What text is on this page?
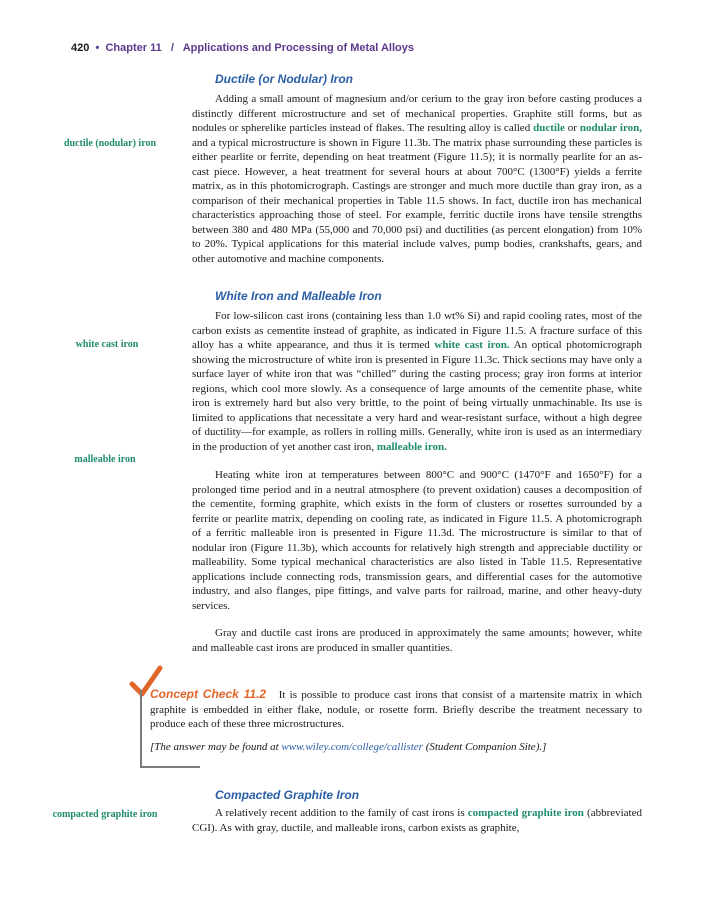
420 • Chapter 11 / Applications and Processing of Metal Alloys
Ductile (or Nodular) Iron
ductile (nodular) iron

Adding a small amount of magnesium and/or cerium to the gray iron before casting produces a distinctly different microstructure and set of mechanical properties. Graphite still forms, but as nodules or spherelike particles instead of flakes. The resulting alloy is called ductile or nodular iron, and a typical microstructure is shown in Figure 11.3b. The matrix phase surrounding these particles is either pearlite or ferrite, depending on heat treatment (Figure 11.5); it is normally pearlite for an as-cast piece. However, a heat treatment for several hours at about 700°C (1300°F) yields a ferrite matrix, as in this photomicrograph. Castings are stronger and much more ductile than gray iron, as a comparison of their mechanical properties in Table 11.5 shows. In fact, ductile iron has mechanical characteristics approaching those of steel. For example, ferritic ductile irons have tensile strengths between 380 and 480 MPa (55,000 and 70,000 psi) and ductilities (as percent elongation) from 10% to 20%. Typical applications for this material include valves, pump bodies, crankshafts, gears, and other automotive and machine components.

White Iron and Malleable Iron
white cast iron
malleable iron

For low-silicon cast irons (containing less than 1.0 wt% Si) and rapid cooling rates, most of the carbon exists as cementite instead of graphite, as indicated in Figure 11.5. A fracture surface of this alloy has a white appearance, and thus it is termed white cast iron. An optical photomicrograph showing the microstructure of white iron is presented in Figure 11.3c. Thick sections may have only a surface layer of white iron that was “chilled” during the casting process; gray iron forms at interior regions, which cool more slowly. As a consequence of large amounts of the cementite phase, white iron is extremely hard but also very brittle, to the point of being virtually unmachinable. Its use is limited to applications that necessitate a very hard and wear-resistant surface, without a high degree of ductility—for example, as rollers in rolling mills. Generally, white iron is used as an intermediary in the production of yet another cast iron, malleable iron.

Heating white iron at temperatures between 800°C and 900°C (1470°F and 1650°F) for a prolonged time period and in a neutral atmosphere (to prevent oxidation) causes a decomposition of the cementite, forming graphite, which exists in the form of clusters or rosettes surrounded by a ferrite or pearlite matrix, depending on cooling rate, as indicated in Figure 11.5. A photomicrograph of a ferritic malleable iron is presented in Figure 11.3d. The microstructure is similar to that of nodular iron (Figure 11.3b), which accounts for relatively high strength and appreciable ductility or malleability. Some typical mechanical characteristics are also listed in Table 11.5. Representative applications include connecting rods, transmission gears, and differential cases for the automotive industry, and also flanges, pipe fittings, and valve parts for railroad, marine, and other heavy-duty services.

Gray and ductile cast irons are produced in approximately the same amounts; however, white and malleable cast irons are produced in smaller quantities.

Concept Check 11.2 It is possible to produce cast irons that consist of a martensite matrix in which graphite is embedded in either flake, nodule, or rosette form. Briefly describe the treatment necessary to produce each of these three microstructures.

[The answer may be found at www.wiley.com/college/callister (Student Companion Site).]

Compacted Graphite Iron
compacted graphite iron	A relatively recent addition to the family of cast irons is compacted graphite iron (abbreviated CGI). As with gray, ductile, and malleable irons, carbon exists as graphite,
